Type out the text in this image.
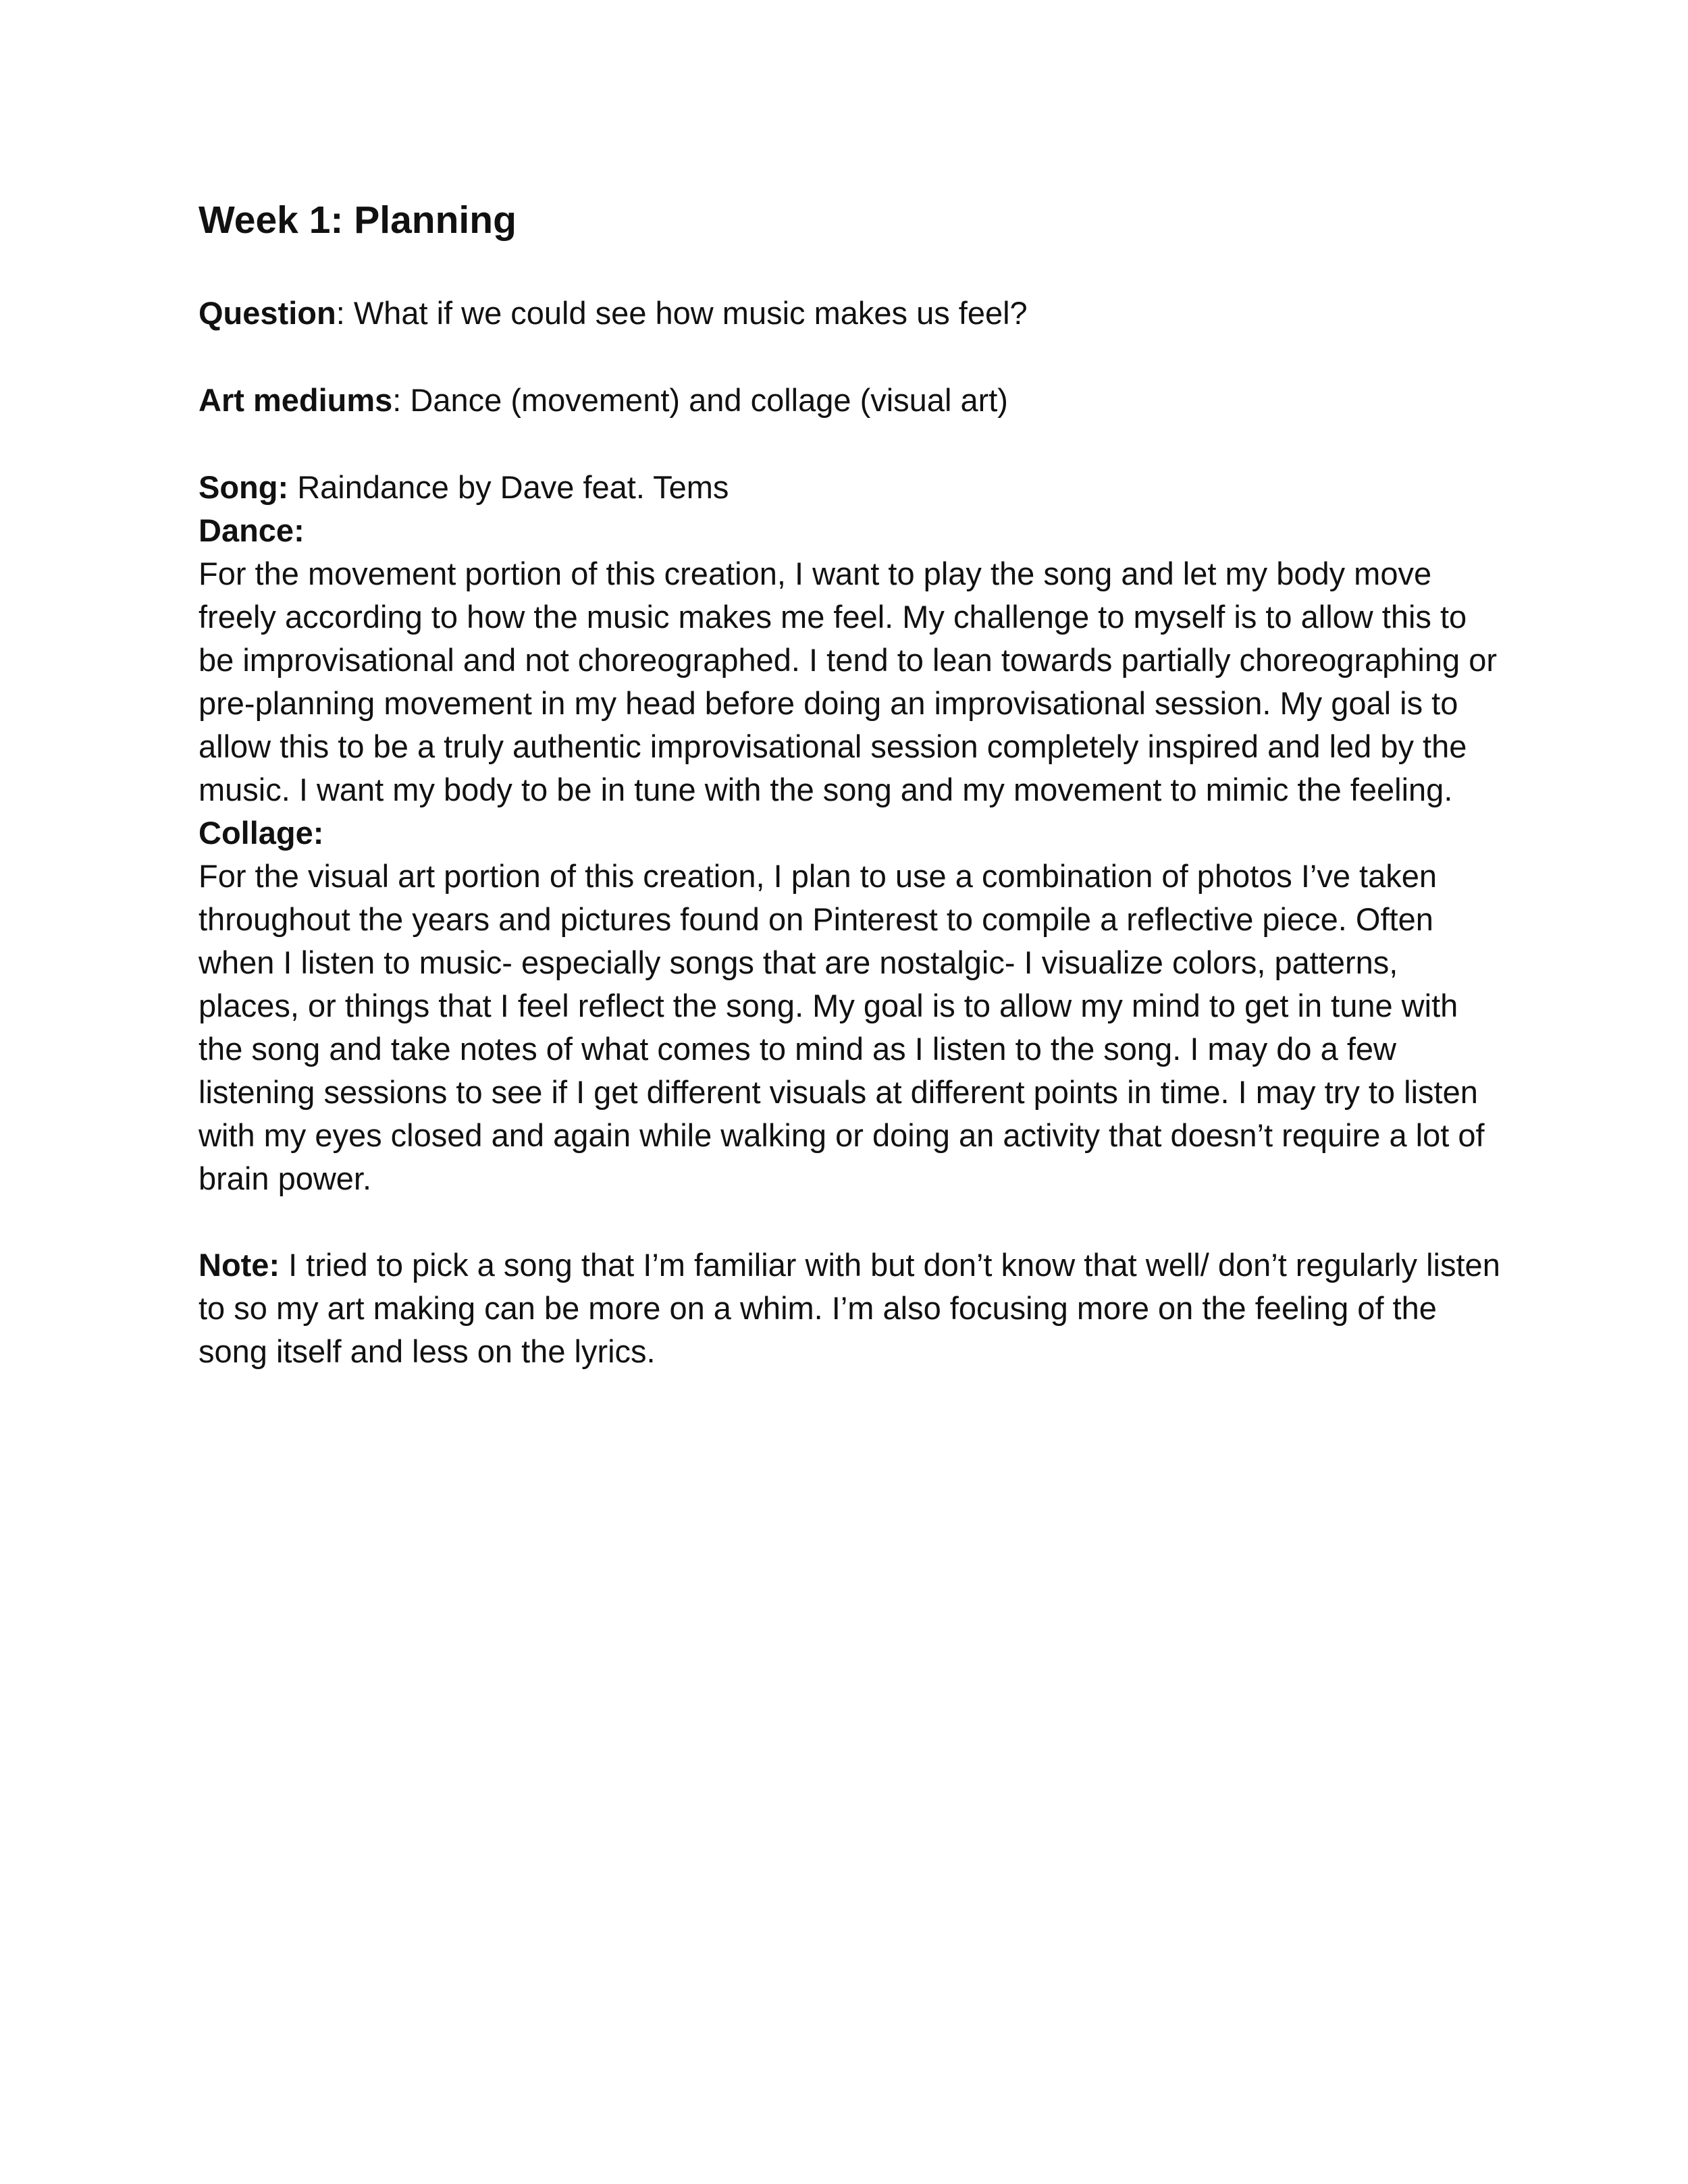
Week 1: Planning

Question: What if we could see how music makes us feel?

Art mediums: Dance (movement) and collage (visual art)

Song: Raindance by Dave feat. Tems

Dance:

For the movement portion of this creation, I want to play the song and let my body move freely according to how the music makes me feel. My challenge to myself is to allow this to be improvisational and not choreographed. I tend to lean towards partially choreographing or pre-planning movement in my head before doing an improvisational session. My goal is to allow this to be a truly authentic improvisational session completely inspired and led by the music. I want my body to be in tune with the song and my movement to mimic the feeling.

Collage:

For the visual art portion of this creation, I plan to use a combination of photos I’ve taken throughout the years and pictures found on Pinterest to compile a reflective piece. Often when I listen to music- especially songs that are nostalgic- I visualize colors, patterns, places, or things that I feel reflect the song. My goal is to allow my mind to get in tune with the song and take notes of what comes to mind as I listen to the song. I may do a few listening sessions to see if I get different visuals at different points in time. I may try to listen with my eyes closed and again while walking or doing an activity that doesn’t require a lot of brain power.

Note: I tried to pick a song that I’m familiar with but don’t know that well/ don’t regularly listen to so my art making can be more on a whim. I’m also focusing more on the feeling of the song itself and less on the lyrics.
